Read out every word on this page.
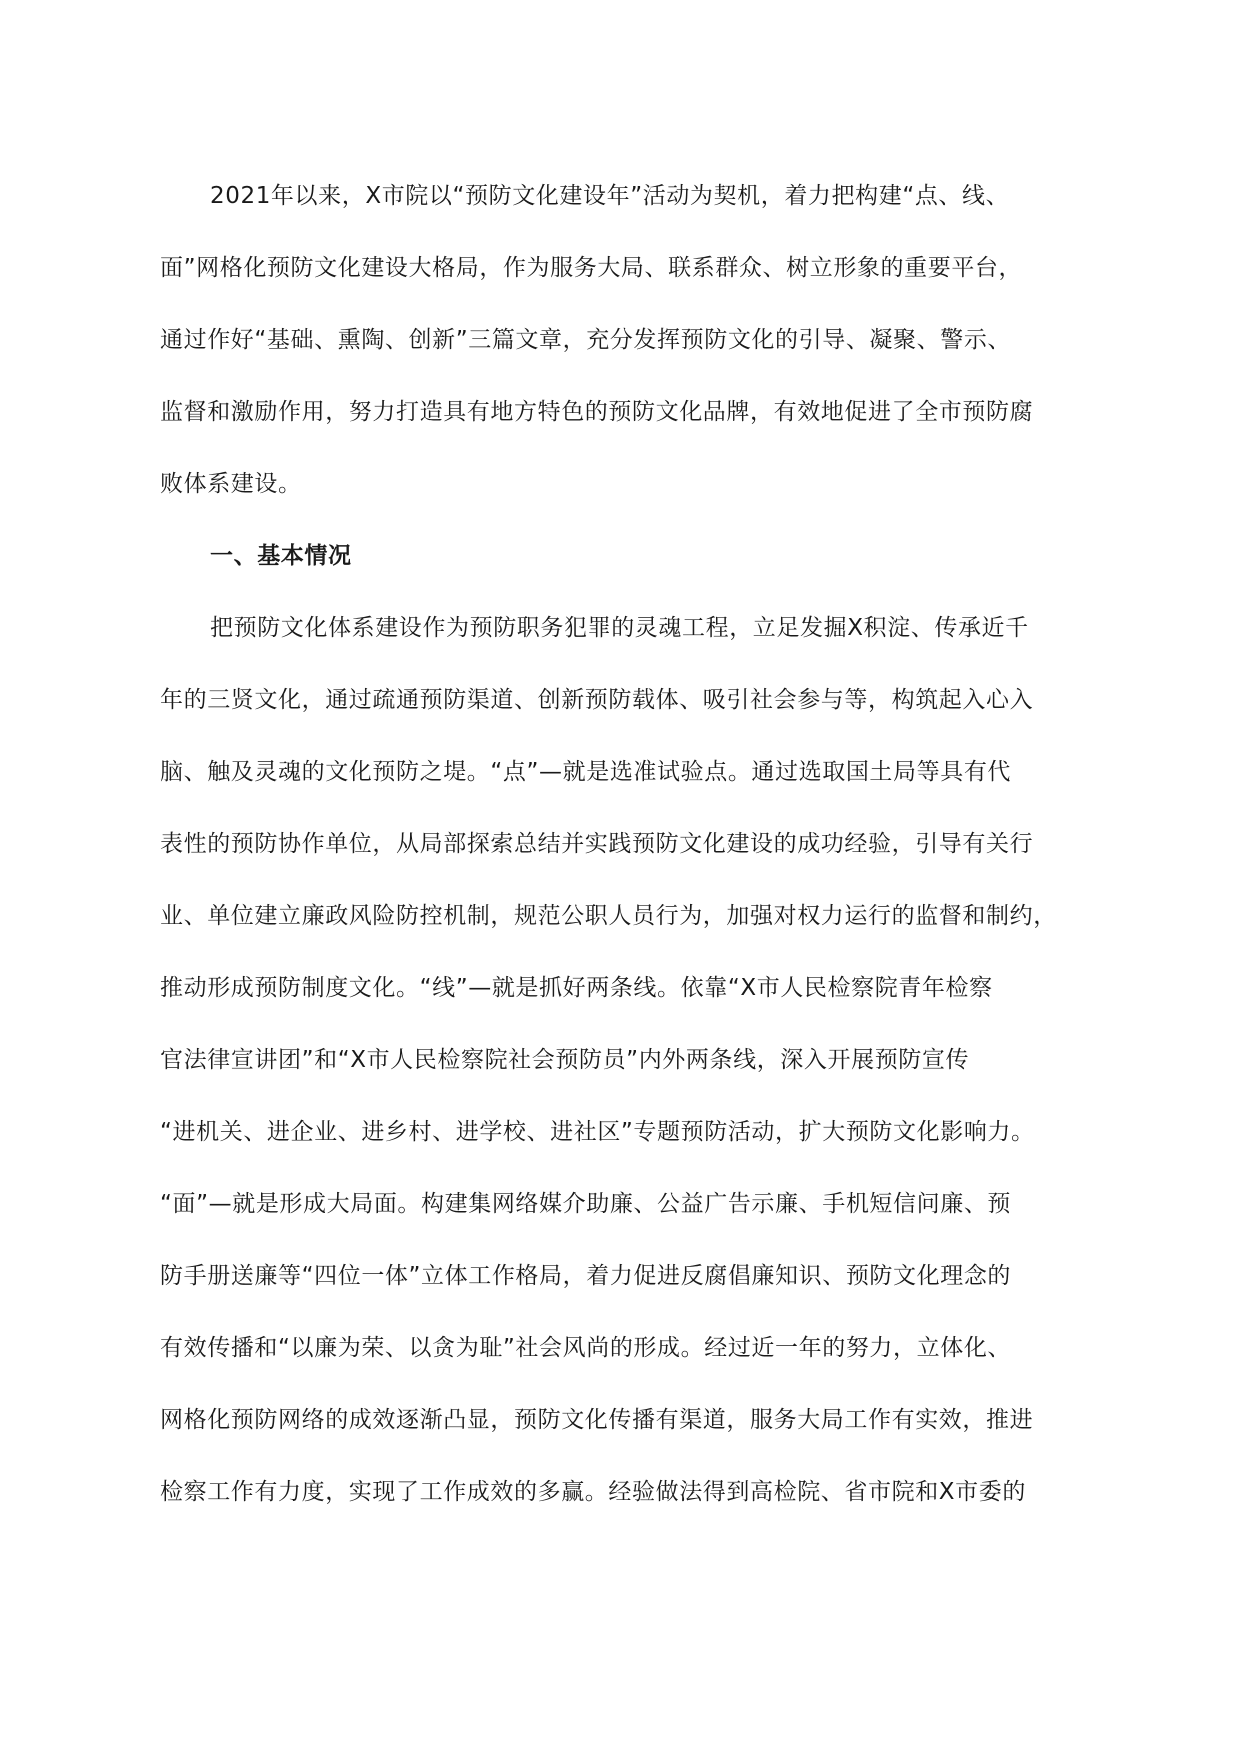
2021年以来，X市院以“预防文化建设年”活动为契机，着力把构建“点、线、
面”网格化预防文化建设大格局，作为服务大局、联系群众、树立形象的重要平台，
通过作好“基础、熏陶、创新”三篇文章，充分发挥预防文化的引导、凝聚、警示、
监督和激励作用，努力打造具有地方特色的预防文化品牌，有效地促进了全市预防腐
败体系建设。
一、基本情况
把预防文化体系建设作为预防职务犯罪的灵魂工程，立足发掘X积淀、传承近千
年的三贤文化，通过疏通预防渠道、创新预防载体、吸引社会参与等，构筑起入心入
脑、触及灵魂的文化预防之堤。“点”—就是选准试验点。通过选取国土局等具有代
表性的预防协作单位，从局部探索总结并实践预防文化建设的成功经验，引导有关行
业、单位建立廉政风险防控机制，规范公职人员行为，加强对权力运行的监督和制约，
推动形成预防制度文化。“线”—就是抓好两条线。依靠“X市人民检察院青年检察
官法律宣讲团”和“X市人民检察院社会预防员”内外两条线，深入开展预防宣传
“进机关、进企业、进乡村、进学校、进社区”专题预防活动，扩大预防文化影响力。
“面”—就是形成大局面。构建集网络媒介助廉、公益广告示廉、手机短信问廉、预
防手册送廉等“四位一体”立体工作格局，着力促进反腐倡廉知识、预防文化理念的
有效传播和“以廉为荣、以贪为耻”社会风尚的形成。经过近一年的努力，立体化、
网格化预防网络的成效逐渐凸显，预防文化传播有渠道，服务大局工作有实效，推进
检察工作有力度，实现了工作成效的多赢。经验做法得到高检院、省市院和X市委的
